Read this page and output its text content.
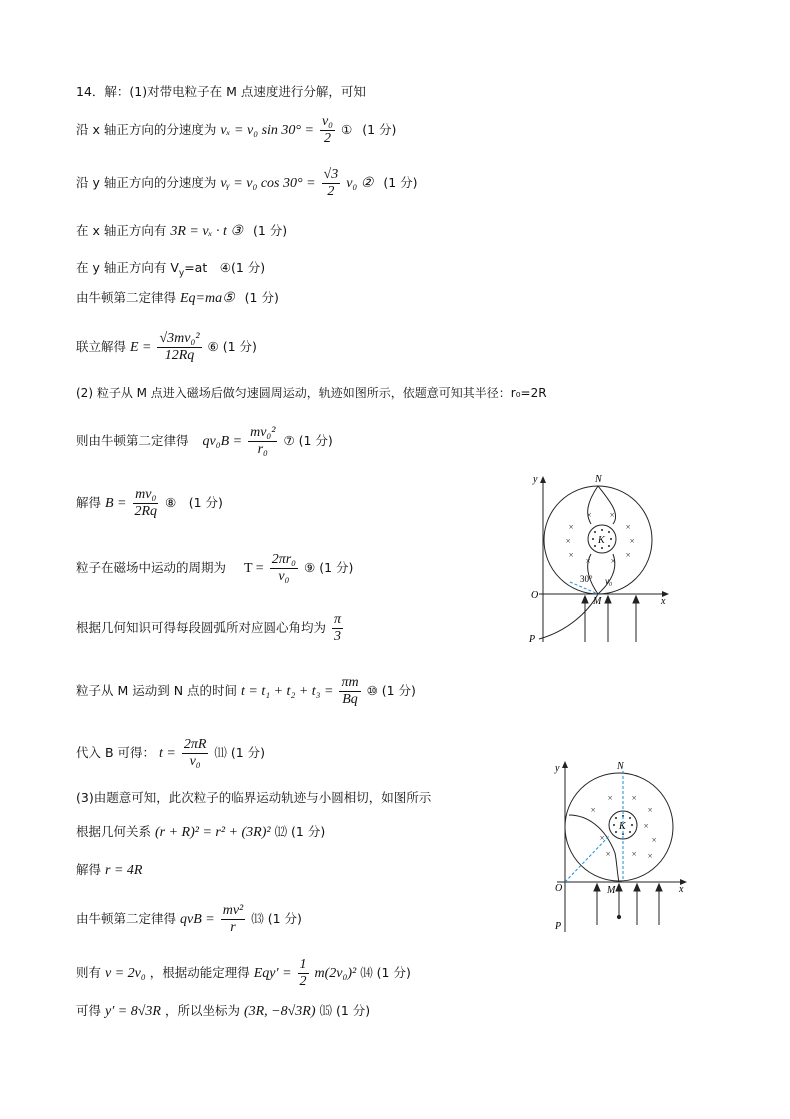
14．解：(1)对带电粒子在 M 点速度进行分解，可知
沿 x 轴正方向的分速度为 vₓ = v₀ $\sin 30^\circ = \frac{\text{v₀}}{2}$ ① (1 分)
沿 y 轴正方向的分速度为 vᵧ = v₀ $\cos 30^\circ = \frac{√3}{2} v_0$ ② (1 分)
在 x 轴正方向有 3R = vₓ · t ③ (1 分)
在 y 轴正方向有 $V_y=at$　④(1 分)
由牛顿第二定律得 Eq=ma⑤ (1 分)
联立解得 $E = \frac{\text{√3mv₀²}}{12Rq}$ ⑥ (1 分)
(2) 粒子从 M 点进入磁场后做匀速圆周运动，轨迹如图所示，依题意可知其半径：r₀=2R
则由牛顿第二定律得 $qv_0B = \frac{\text{mv₀²}}{\text{r₀}}$ ⑦ (1 分)
解得 $B = \frac{\text{mv₀}}{2Rq}$ ⑧　(1 分)
粒子在磁场中运动的周期为 $T = \frac{\text{2πr₀}}{\text{v₀}}$ ⑨ (1 分)
根据几何知识可得每段圆弧所对应圆心角均为 $\frac{\pi}{3}$
粒子从 M 运动到 N 点的时间 $t = t_1 + t_2 + t_3 = \frac{\pi m}{Bq}$ ⑩ (1 分)
代入 B 可得： $t = \frac{2\pi R}{\text{v₀}}$ ⑾ (1 分)
(3)由题意可知，此次粒子的临界运动轨迹与小圆相切，如图所示
根据几何关系 (r + R)² = r² + (3R)² ⑿ (1 分)
解得 r = 4R
由牛顿第二定律得 qvB = $\frac{\text{mv²}}{r}$ ⒀ (1 分)
则有 v = 2v₀ ，根据动能定理得 $Eqy' = \frac{1}{2} m(2v_0)^2$ ⒁ (1 分)
可得 y′ = 8√3R ，所以坐标为 (3R, −8√3R) ⒂ (1 分)
×
× ×
×
×	×
×
× ×
×
y
x
O
P
N
M
K
30° v₀
×
× ×
×
×
×
×
× × ×
y
x
O
P
N
M
K
